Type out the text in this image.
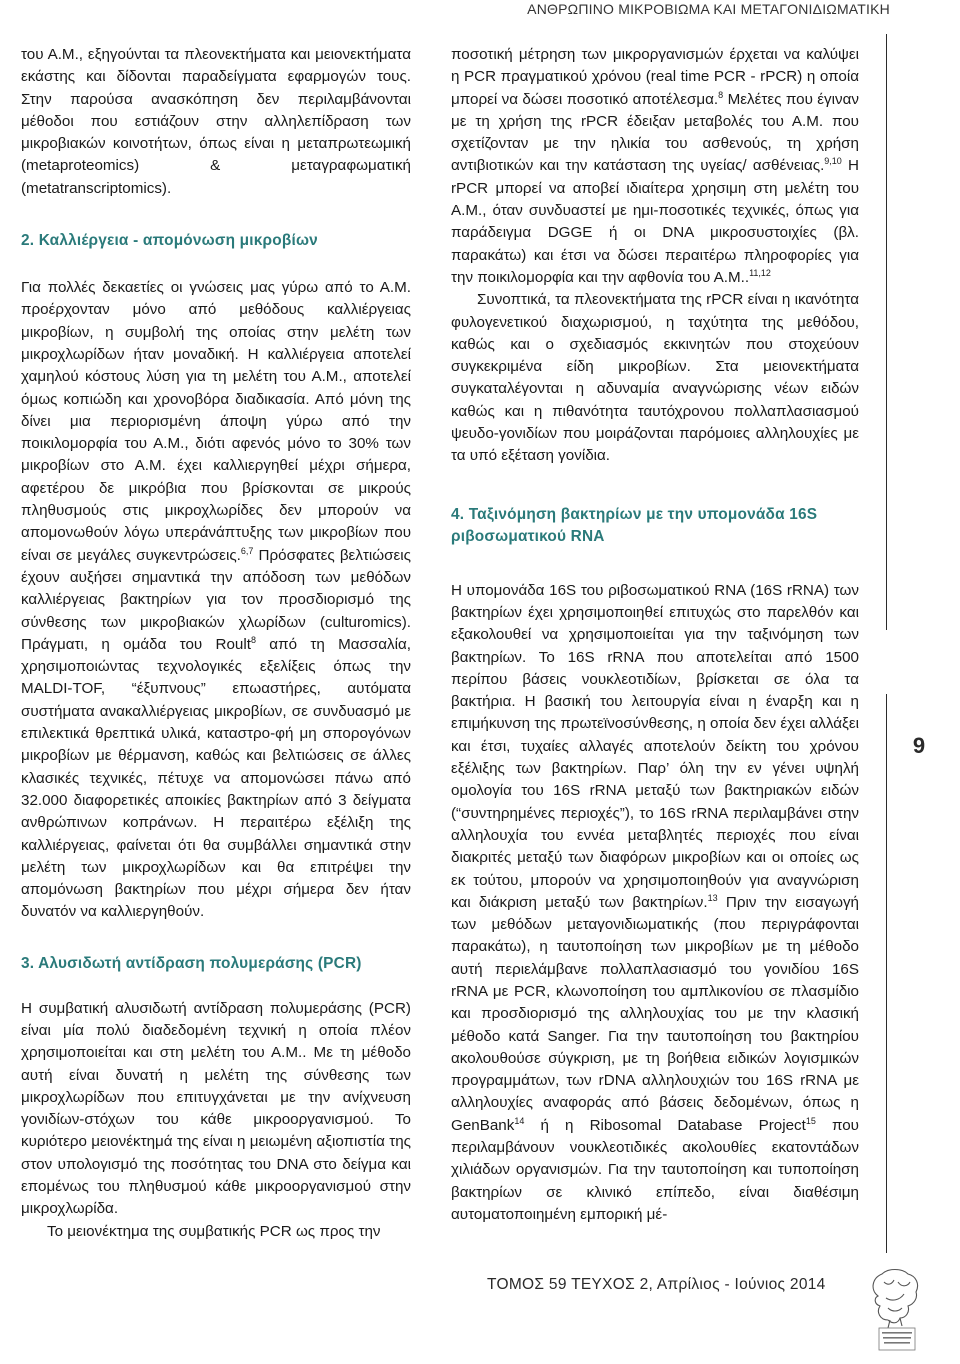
ΑΝΘΡΩΠΙΝΟ ΜΙΚΡΟΒΙΩΜΑ ΚΑΙ ΜΕΤΑΓΟΝΙΔΙΩΜΑΤΙΚΗ

του Α.Μ., εξηγούνται τα πλεονεκτήματα και μειονεκτήματα εκάστης και δίδονται παραδείγματα εφαρμογών τους. Στην παρούσα ανασκόπηση δεν περιλαμβάνονται μέθοδοι που εστιάζουν στην αλληλεπίδραση των μικροβιακών κοινοτήτων, όπως είναι η μεταπρωτεωμική (metaproteomics) & μεταγραφωματική (metatranscriptomics).

2. Καλλιέργεια - απομόνωση μικροβίων

Για πολλές δεκαετίες οι γνώσεις μας γύρω από το Α.Μ. προέρχονταν μόνο από μεθόδους καλλιέργειας μικροβίων, η συμβολή της οποίας στην μελέτη των μικροχλωρίδων ήταν μοναδική. Η καλλιέργεια αποτελεί χαμηλού κόστους λύση για τη μελέτη του Α.Μ., αποτελεί όμως κοπιώδη και χρονοβόρα διαδικασία. Από μόνη της δίνει μια περιορισμένη άποψη γύρω από την ποικιλομορφία του Α.Μ., διότι αφενός μόνο το 30% των μικροβίων στο Α.Μ. έχει καλλιεργηθεί μέχρι σήμερα, αφετέρου δε μικρόβια που βρίσκονται σε μικρούς πληθυσμούς στις μικροχλωρίδες δεν μπορούν να απομονωθούν λόγω υπεράνάπτυξης των μικροβίων που είναι σε μεγάλες συγκεντρώσεις.$^{6,7}$ Πρόσφατες βελτιώσεις έχουν αυξήσει σημαντικά την απόδοση των μεθόδων καλλιέργειας βακτηρίων για τον προσδιορισμό της σύνθεσης των μικροβιακών χλωρίδων (culturomics). Πράγματι, η ομάδα του Roult$^8$ από τη Μασσαλία, χρησιμοποιώντας τεχνολογικές εξελίξεις όπως την MALDI-TOF, “έξυπνους” επωαστήρες, αυτόματα συστήματα ανακαλλιέργειας μικροβίων, σε συνδυασμό με επιλεκτικά θρεπτικά υλικά, καταστρο-φή μη σπορογόνων μικροβίων με θέρμανση, καθώς και βελτιώσεις σε άλλες κλασικές τεχνικές, πέτυχε να απομονώσει πάνω από 32.000 διαφορετικές αποικίες βακτηρίων από 3 δείγματα ανθρώπινων κοπράνων. Η περαιτέρω εξέλιξη της καλλιέργειας, φαίνεται ότι θα συμβάλλει σημαντικά στην μελέτη των μικροχλωρίδων και θα επιτρέψει την απομόνωση βακτηρίων που μέχρι σήμερα δεν ήταν δυνατόν να καλλιεργηθούν.

3. Αλυσιδωτή αντίδραση πολυμεράσης (PCR)

Η συμβατική αλυσιδωτή αντίδραση πολυμεράσης (PCR) είναι μία πολύ διαδεδομένη τεχνική η οποία πλέον χρησιμοποιείται και στη μελέτη του Α.Μ.. Με τη μέθοδο αυτή είναι δυνατή η μελέτη της σύνθεσης των μικροχλωρίδων που επιτυγχάνεται με την ανίχνευση γονιδίων-στόχων του κάθε μικροοργανισμού. Το κυριότερο μειονέκτημά της είναι η μειωμένη αξιοπιστία της στον υπολογισμό της ποσότητας του DNA στο δείγμα και επομένως του πληθυσμού κάθε μικροοργανισμού στην μικροχλωρίδα.

Το μειονέκτημα της συμβατικής PCR ως προς την

ποσοτική μέτρηση των μικροργανισμών έρχεται να καλύψει η PCR πραγματικού χρόνου (real time PCR - rPCR) η οποία μπορεί να δώσει ποσοτικό αποτέλεσμα.$^8$ Μελέτες που έγιναν με τη χρήση της rPCR έδειξαν μεταβολές του Α.Μ. που σχετίζονταν με την ηλικία του ασθενούς, τη χρήση αντιβιοτικών και την κατάσταση της υγείας/ ασθένειας.$^{9,10}$ Η rPCR μπορεί να αποβεί ιδιαίτερα χρησιμη στη μελέτη του Α.Μ., όταν συνδυαστεί με ημι-ποσοτικές τεχνικές, όπως για παράδειγμα DGGE ή οι DNA μικροσυστοιχίες (βλ. παρακάτω) και έτσι να δώσει περαιτέρω πληροφορίες για την ποικιλομορφία και την αφθονία του Α.Μ..$^{11,12}$

Συνοπτικά, τα πλεονεκτήματα της rPCR είναι η ικανότητα φυλογενετικού διαχωρισμού, η ταχύτητα της μεθόδου, καθώς και ο σχεδιασμός εκκινητών που στοχεύουν συγκεκριμένα είδη μικροβίων. Στα μειονεκτήματα συγκαταλέγονται η αδυναμία αναγνώρισης νέων ειδών καθώς και η πιθανότητα ταυτόχρονου πολλαπλασιασμού ψευδο-γονιδίων που μοιράζονται παρόμοιες αλληλουχίες με τα υπό εξέταση γονίδια.

4. Ταξινόμηση βακτηρίων με την υπομονάδα 16S ριβοσωματικού RNA

Η υπομονάδα 16S του ριβοσωματικού RNA (16S rRNA) των βακτηρίων έχει χρησιμοποιηθεί επιτυχώς στο παρελθόν και εξακολουθεί να χρησιμοποιείται για την ταξινόμηση των βακτηρίων. Το 16S rRNA που αποτελείται από 1500 περίπου βάσεις νουκλεοτιδίων, βρίσκεται σε όλα τα βακτήρια. Η βασική του λειτουργία είναι η έναρξη και η επιμήκυνση της πρωτεϊνοσύνθεσης, η οποία δεν έχει αλλάξει και έτσι, τυχαίες αλλαγές αποτελούν δείκτη του χρόνου εξέλιξης των βακτηρίων. Παρ’ όλη την εν γένει υψηλή ομολογία του 16S rRNA μεταξύ των βακτηριακών ειδών (“συντηρημένες περιοχές”), το 16S rRNA περιλαμβάνει στην αλληλουχία του εννέα μεταβλητές περιοχές που είναι διακριτές μεταξύ των διαφόρων μικροβίων και οι οποίες ως εκ τούτου, μπορούν να χρησιμοποιηθούν για αναγνώριση και διάκριση μεταξύ των βακτηρίων.$^{13}$ Πριν την εισαγωγή των μεθόδων μεταγονιδιωματικής (που περιγράφονται παρακάτω), η ταυτοποίηση των μικροβίων με τη μέθοδο αυτή περιελάμβανε πολλαπλασιασμό του γονιδίου 16S rRNA με PCR, κλωνοποίηση του αμπλικονίου σε πλασμίδιο και προσδιορισμό της αλληλουχίας του με την κλασική μέθοδο κατά Sanger. Για την ταυτοποίηση του βακτηρίου ακολουθούσε σύγκριση, με τη βοήθεια ειδικών λογισμικών προγραμμάτων, των rDNA αλληλουχιών του 16S rRNA με αλληλουχίες αναφοράς από βάσεις δεδομένων, όπως η GenBank$^{14}$ ή η Ribosomal Database Project$^{15}$ που περιλαμβάνουν νουκλεοτιδικές ακολουθίες εκατοντάδων χιλιάδων οργανισμών. Για την ταυτοποίηση και τυποποίηση βακτηρίων σε κλινικό επίπεδο, είναι διαθέσιμη αυτοματοποιημένη εμπορική μέ-

9
ΤΟΜΟΣ 59 ΤΕΥΧΟΣ 2, Απρίλιος - Ιούνιος 2014
